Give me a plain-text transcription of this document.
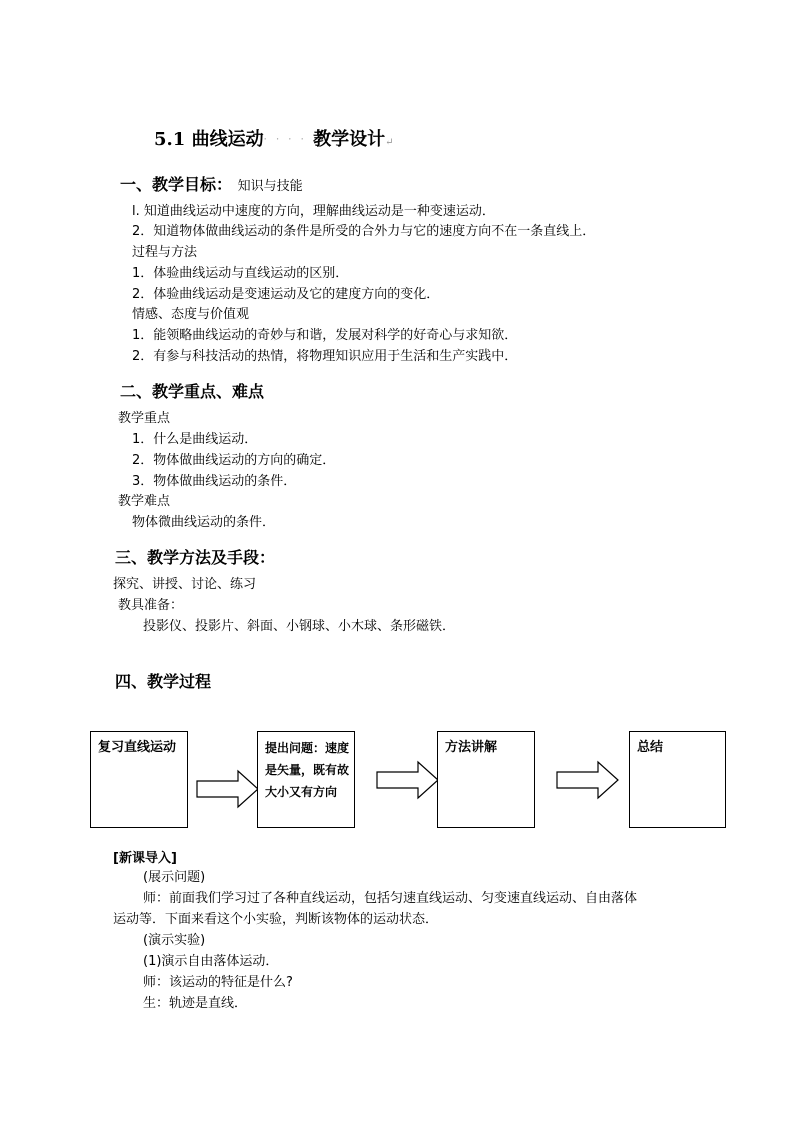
5.1 曲线运动· · · · 教学设计↵
一、教学目标： 知识与技能
l. 知道曲线运动中速度的方向，理解曲线运动是一种变速运动．
2．知道物体做曲线运动的条件是所受的合外力与它的速度方向不在一条直线上．
过程与方法
1．体验曲线运动与直线运动的区别．
2．体验曲线运动是变速运动及它的建度方向的变化．
情感、态度与价值观
1．能领略曲线运动的奇妙与和谐，发展对科学的好奇心与求知欲．
2．有参与科技活动的热情，将物理知识应用于生活和生产实践中．
二、教学重点、难点
教学重点
1．什么是曲线运动．
2．物体做曲线运动的方向的确定．
3．物体做曲线运动的条件．
教学难点
物体微曲线运动的条件．
三、教学方法及手段：
探究、讲授、讨论、练习
教具准备：
投影仪、投影片、斜面、小钢球、小木球、条形磁铁．
四、教学过程
复习直线运动	提出问题：速度是矢量，既有故大小又有方向
方法讲解	总结
[新课导入]
(展示问题)
师：前面我们学习过了各种直线运动，包括匀速直线运动、匀变速直线运动、自由落体
运动等．下面来看这个小实验，判断该物体的运动状态．
(演示实验)
(1)演示自由落体运动．
师：该运动的特征是什么?
生：轨迹是直线．
